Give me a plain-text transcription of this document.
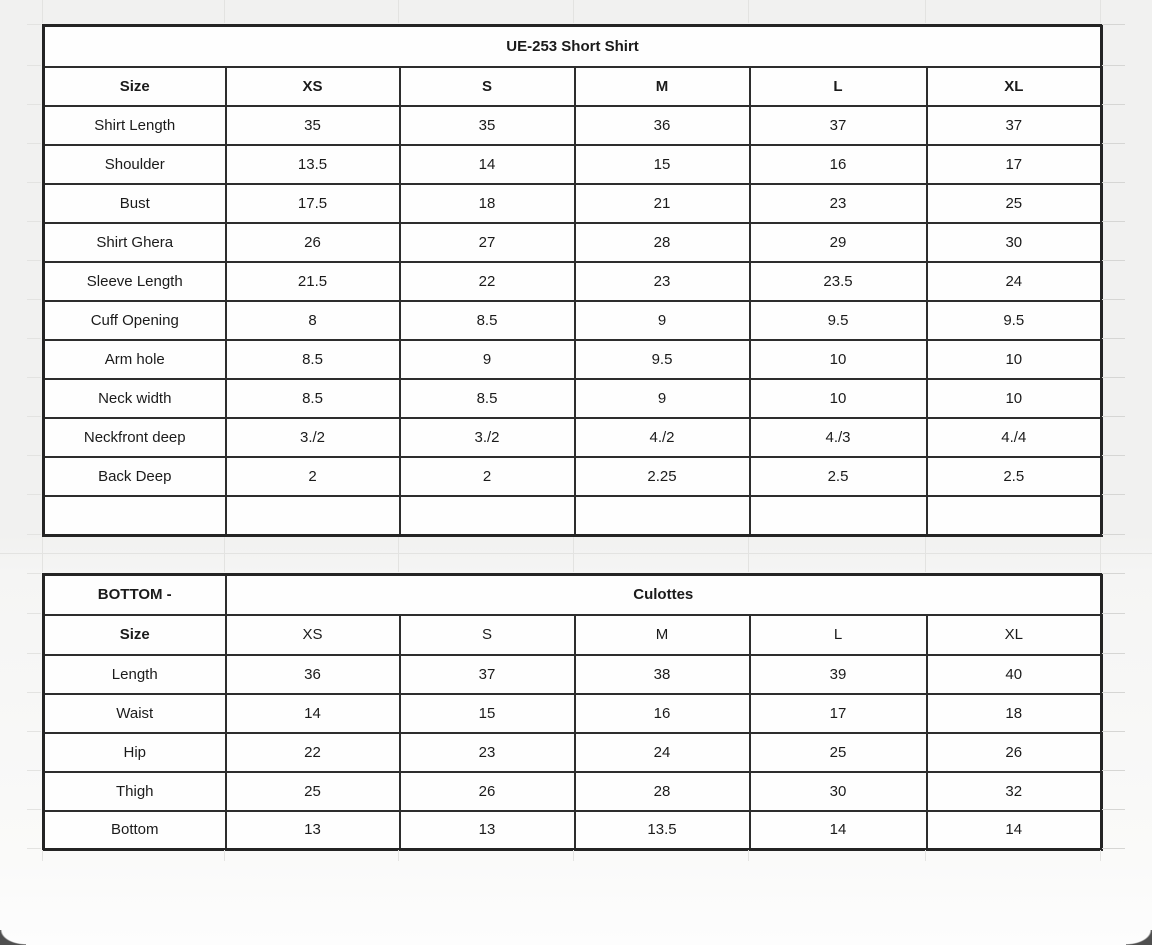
UE-253 Short Shirt					
Size	XS	S	M	L	XL
Shirt Length	35	35	36	37	37
Shoulder	13.5	14	15	16	17
Bust	17.5	18	21	23	25
Shirt Ghera	26	27	28	29	30
Sleeve Length	21.5	22	23	23.5	24
Cuff Opening	8	8.5	9	9.5	9.5
Arm hole	8.5	9	9.5	10	10
Neck width	8.5	8.5	9	10	10
Neckfront deep	3./2	3./2	4./2	4./3	4./4
Back Deep	2	2	2.25	2.5	2.5

BOTTOM -	Culottes				
Size	XS	S	M	L	XL
Length	36	37	38	39	40
Waist	14	15	16	17	18
Hip	22	23	24	25	26
Thigh	25	26	28	30	32
Bottom	13	13	13.5	14	14
